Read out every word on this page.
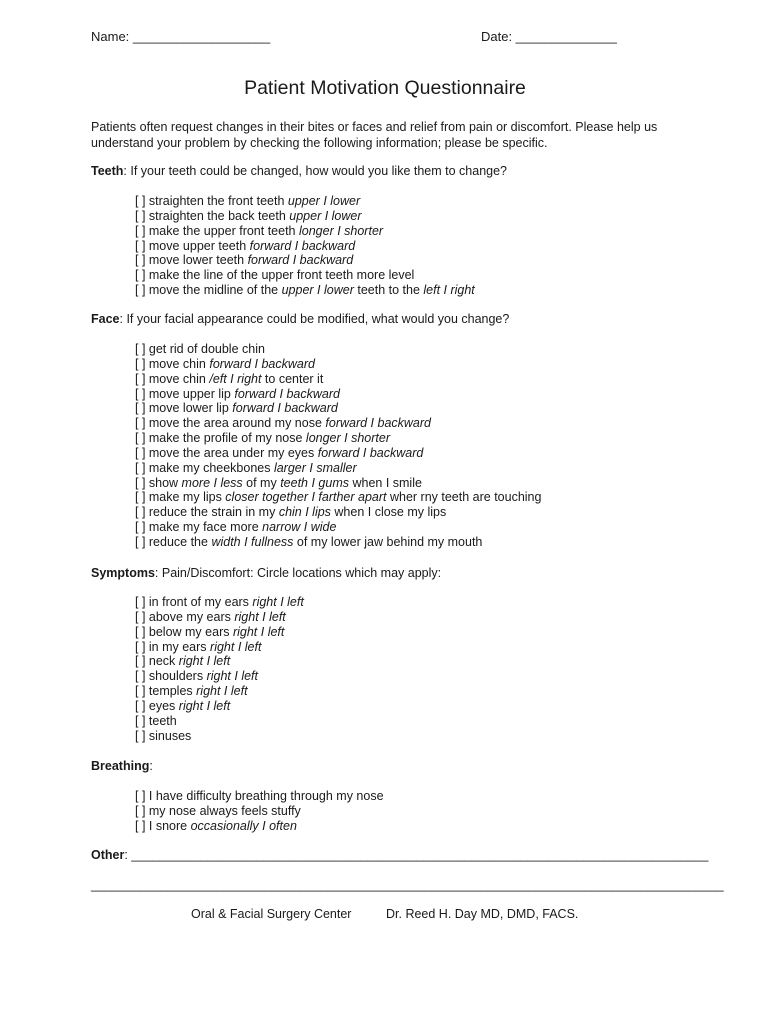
Name: ___________________	Date: ______________
Patient Motivation Questionnaire
Patients often request changes in their bites or faces and relief from pain or discomfort. Please help us understand your problem by checking the following information; please be specific.
Teeth: If your teeth could be changed, how would you like them to change?
[ ] straighten the front teeth upper I lower
[ ] straighten the back teeth upper I lower
[ ] make the upper front teeth longer I shorter
[ ] move upper teeth forward I backward
[ ] move lower teeth forward I backward
[ ] make the line of the upper front teeth more level
[ ] move the midline of the upper I lower teeth to the left I right
Face: If your facial appearance could be modified, what would you change?
[ ] get rid of double chin
[ ] move chin forward I backward
[ ] move chin /eft I right to center it
[ ] move upper lip forward I backward
[ ] move lower lip forward I backward
[ ] move the area around my nose forward I backward
[ ] make the profile of my nose longer I shorter
[ ] move the area under my eyes forward I backward
[ ] make my cheekbones larger I smaller
[ ] show more I less of my teeth I gums when I smile
[ ] make my lips closer together I farther apart wher rny teeth are touching
[ ] reduce the strain in my chin I lips when I close my lips
[ ] make my face more narrow I wide
[ ] reduce the width I fullness of my lower jaw behind my mouth
Symptoms: Pain/Discomfort: Circle locations which may apply:
[ ] in front of my ears right I left
[ ] above my ears right I left
[ ] below my ears right I left
[ ] in my ears right I left
[ ] neck right I left
[ ] shoulders right I left
[ ] temples right I left
[ ] eyes right I left
[ ] teeth
[ ] sinuses
Breathing:
[ ] I have difficulty breathing through my nose
[ ] my nose always feels stuffy
[ ] I snore occasionally I often
Other: ___________________________________________________________________________________
___________________________________________________________________________________________
Oral & Facial Surgery Center	Dr. Reed H. Day MD, DMD, FACS.
